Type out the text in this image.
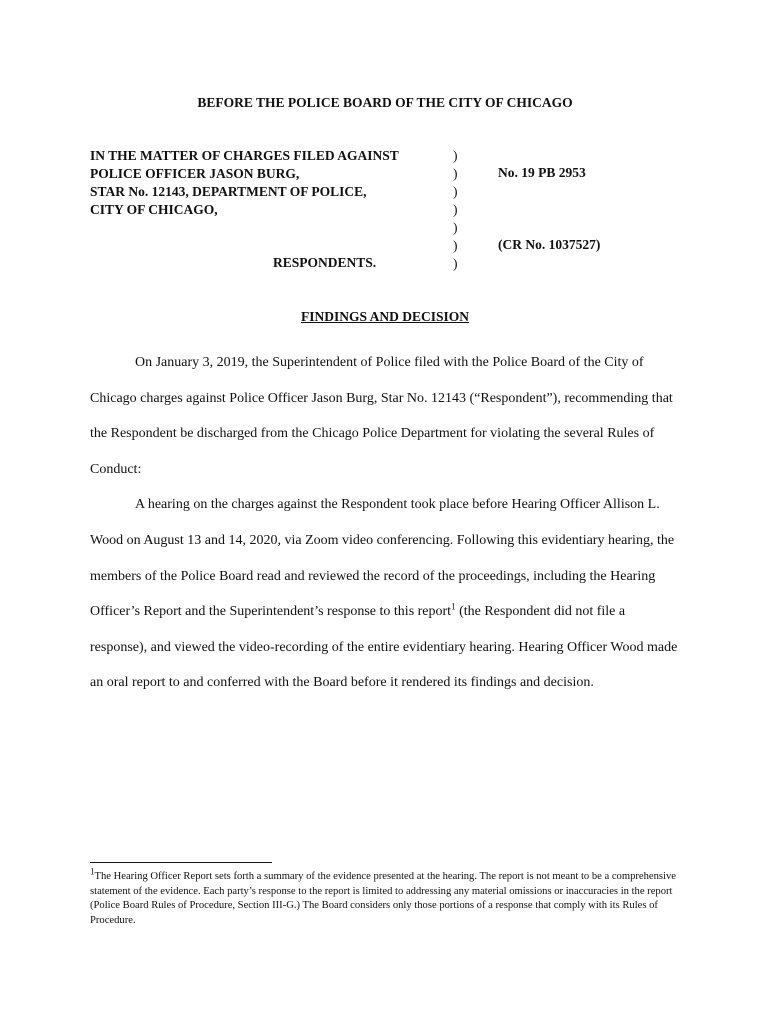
BEFORE THE POLICE BOARD OF THE CITY OF CHICAGO
IN THE MATTER OF CHARGES FILED AGAINST
POLICE OFFICER JASON BURG,
STAR No. 12143, DEPARTMENT OF POLICE,
CITY OF CHICAGO,
)
)
)
)
)
)
)
No. 19 PB 2953
(CR No. 1037527)
RESPONDENTS.
FINDINGS AND DECISION

On January 3, 2019, the Superintendent of Police filed with the Police Board of the City of Chicago charges against Police Officer Jason Burg, Star No. 12143 (“Respondent”), recommending that the Respondent be discharged from the Chicago Police Department for violating the several Rules of Conduct:

A hearing on the charges against the Respondent took place before Hearing Officer Allison L. Wood on August 13 and 14, 2020, via Zoom video conferencing. Following this evidentiary hearing, the members of the Police Board read and reviewed the record of the proceedings, including the Hearing Officer’s Report and the Superintendent’s response to this report$^1$ (the Respondent did not file a response), and viewed the video-recording of the entire evidentiary hearing. Hearing Officer Wood made an oral report to and conferred with the Board before it rendered its findings and decision.

$^1$The Hearing Officer Report sets forth a summary of the evidence presented at the hearing. The report is not meant to be a comprehensive statement of the evidence. Each party’s response to the report is limited to addressing any material omissions or inaccuracies in the report (Police Board Rules of Procedure, Section III-G.) The Board considers only those portions of a response that comply with its Rules of Procedure.
